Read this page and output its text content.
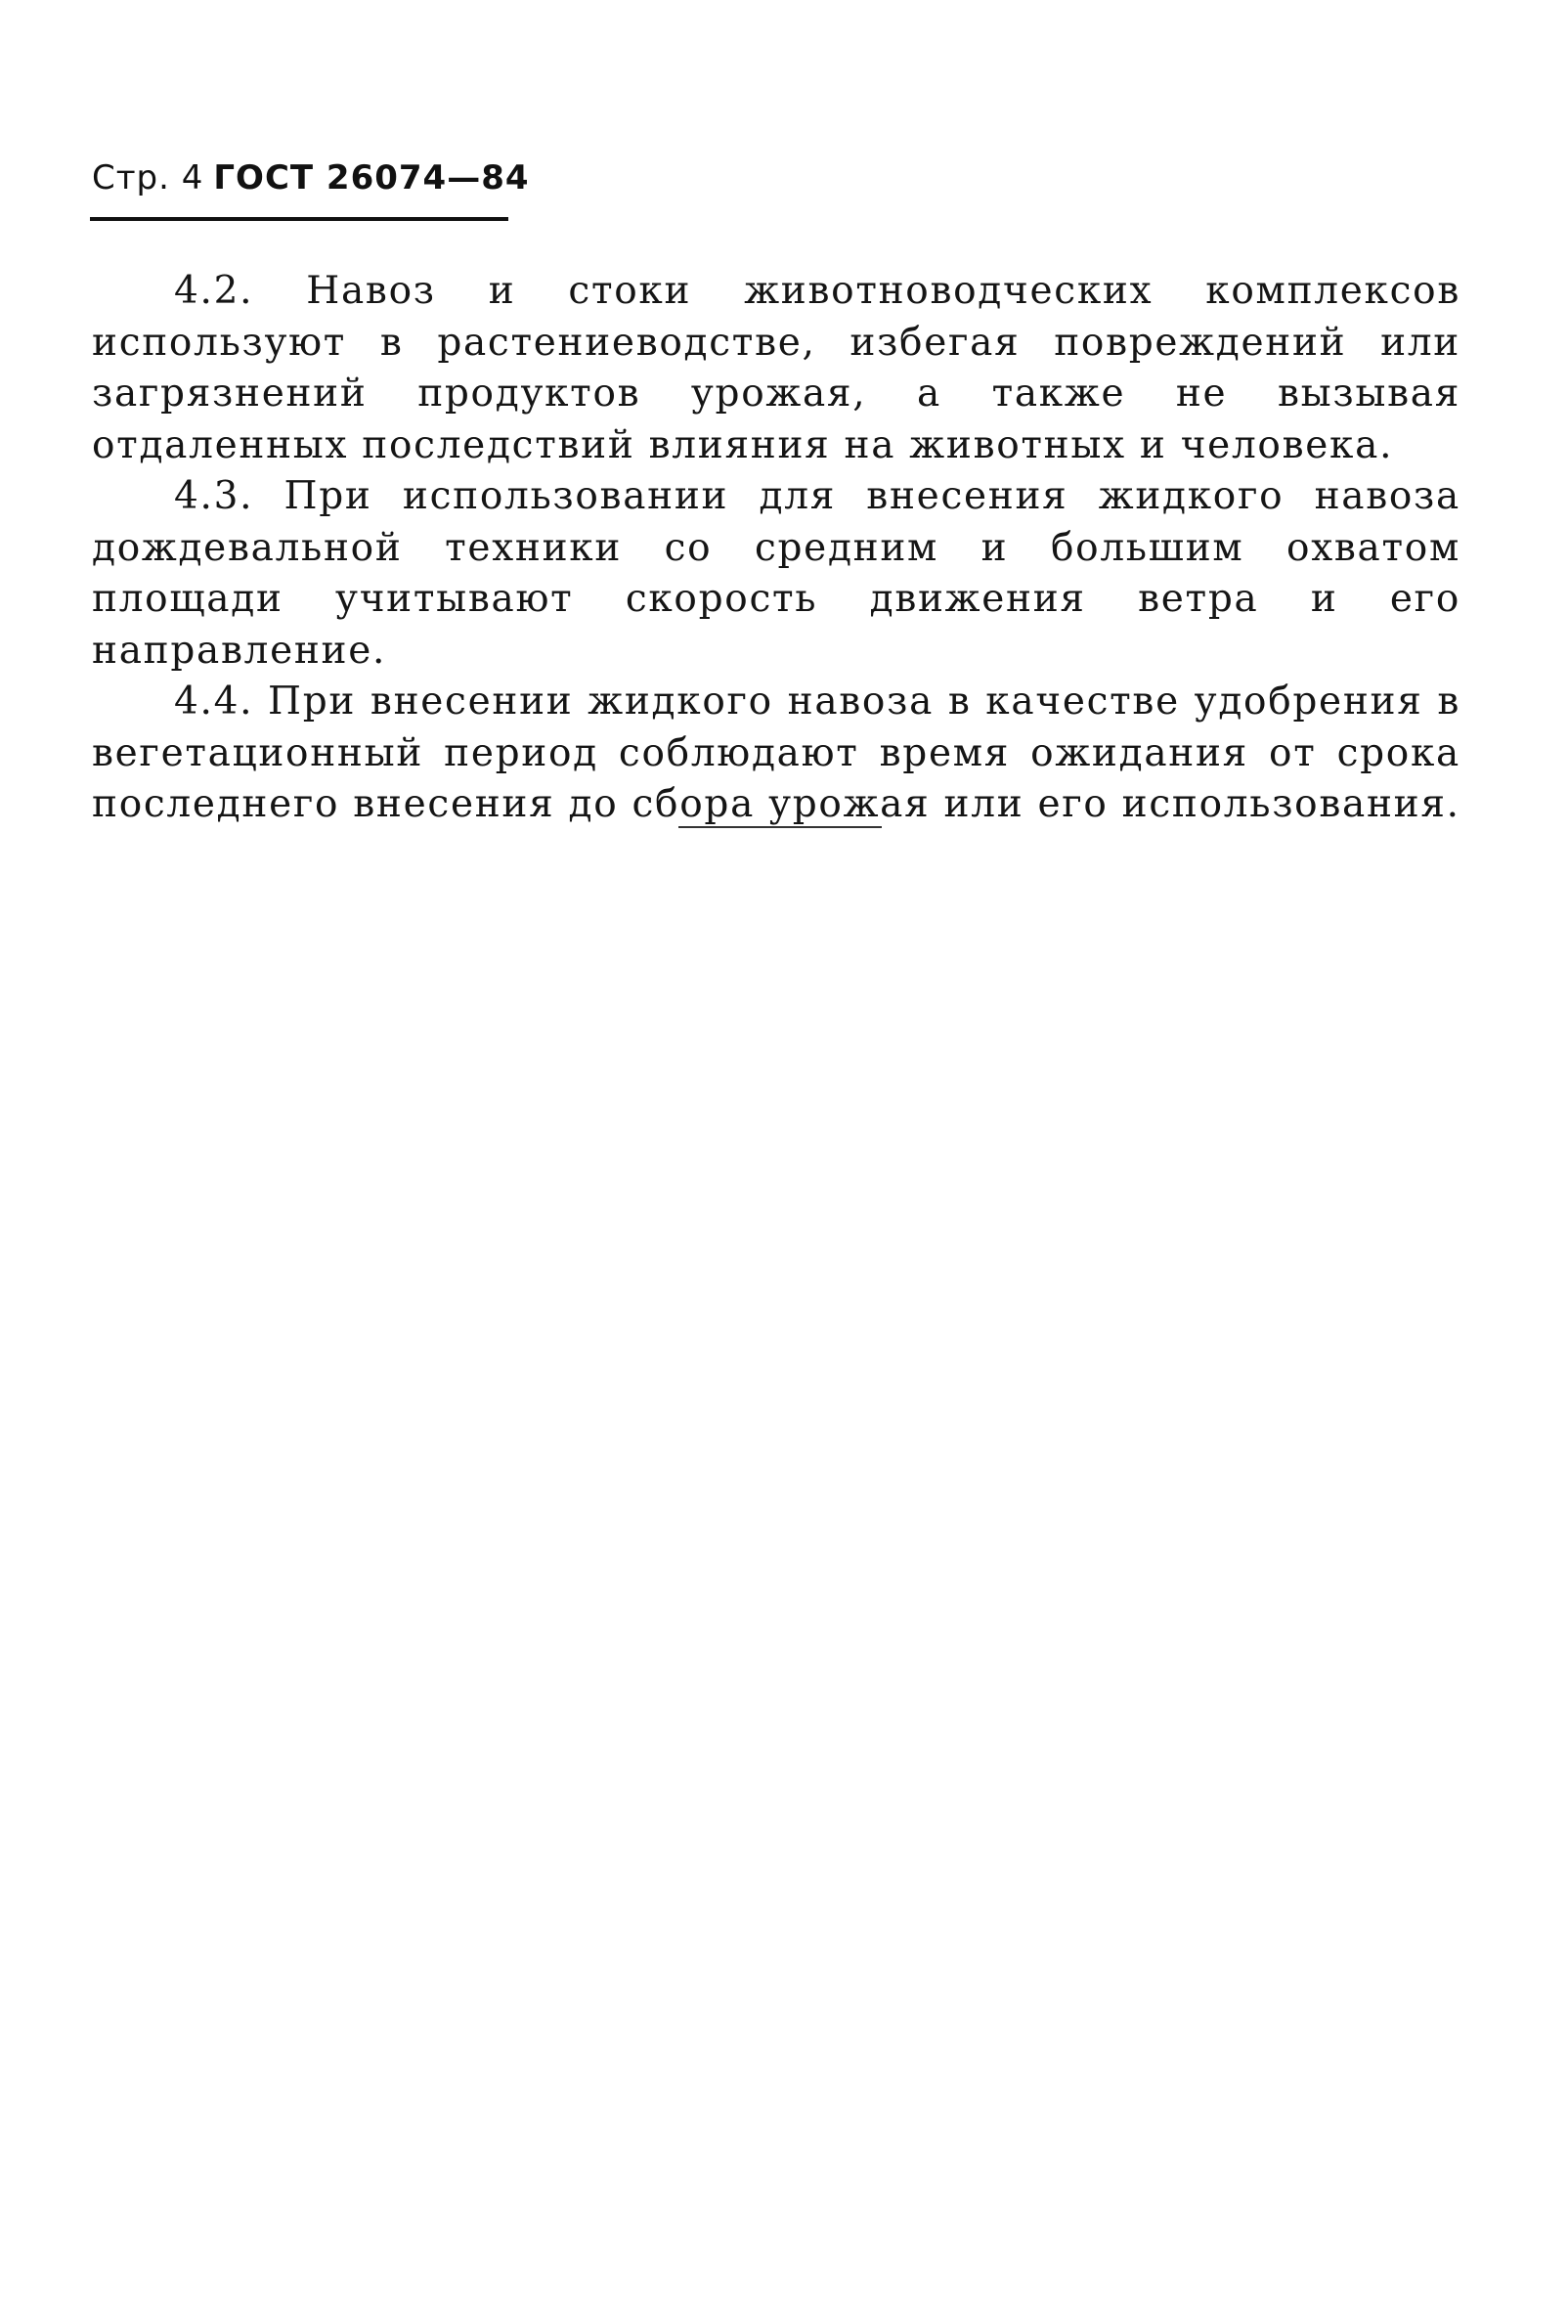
Стр. 4 ГОСТ 26074—84

4.2. Навоз и стоки животноводческих комплексов используют в растениеводстве, избегая повреждений или загрязнений продуктов урожая, а также не вызывая отдаленных последствий влияния на животных и человека.

4.3. При использовании для внесения жидкого навоза дождевальной техники со средним и большим охватом площади учитывают скорость движения ветра и его направление.

4.4. При внесении жидкого навоза в качестве удобрения в вегетационный период соблюдают время ожидания от срока последнего внесения до сбора урожая или его использования.
